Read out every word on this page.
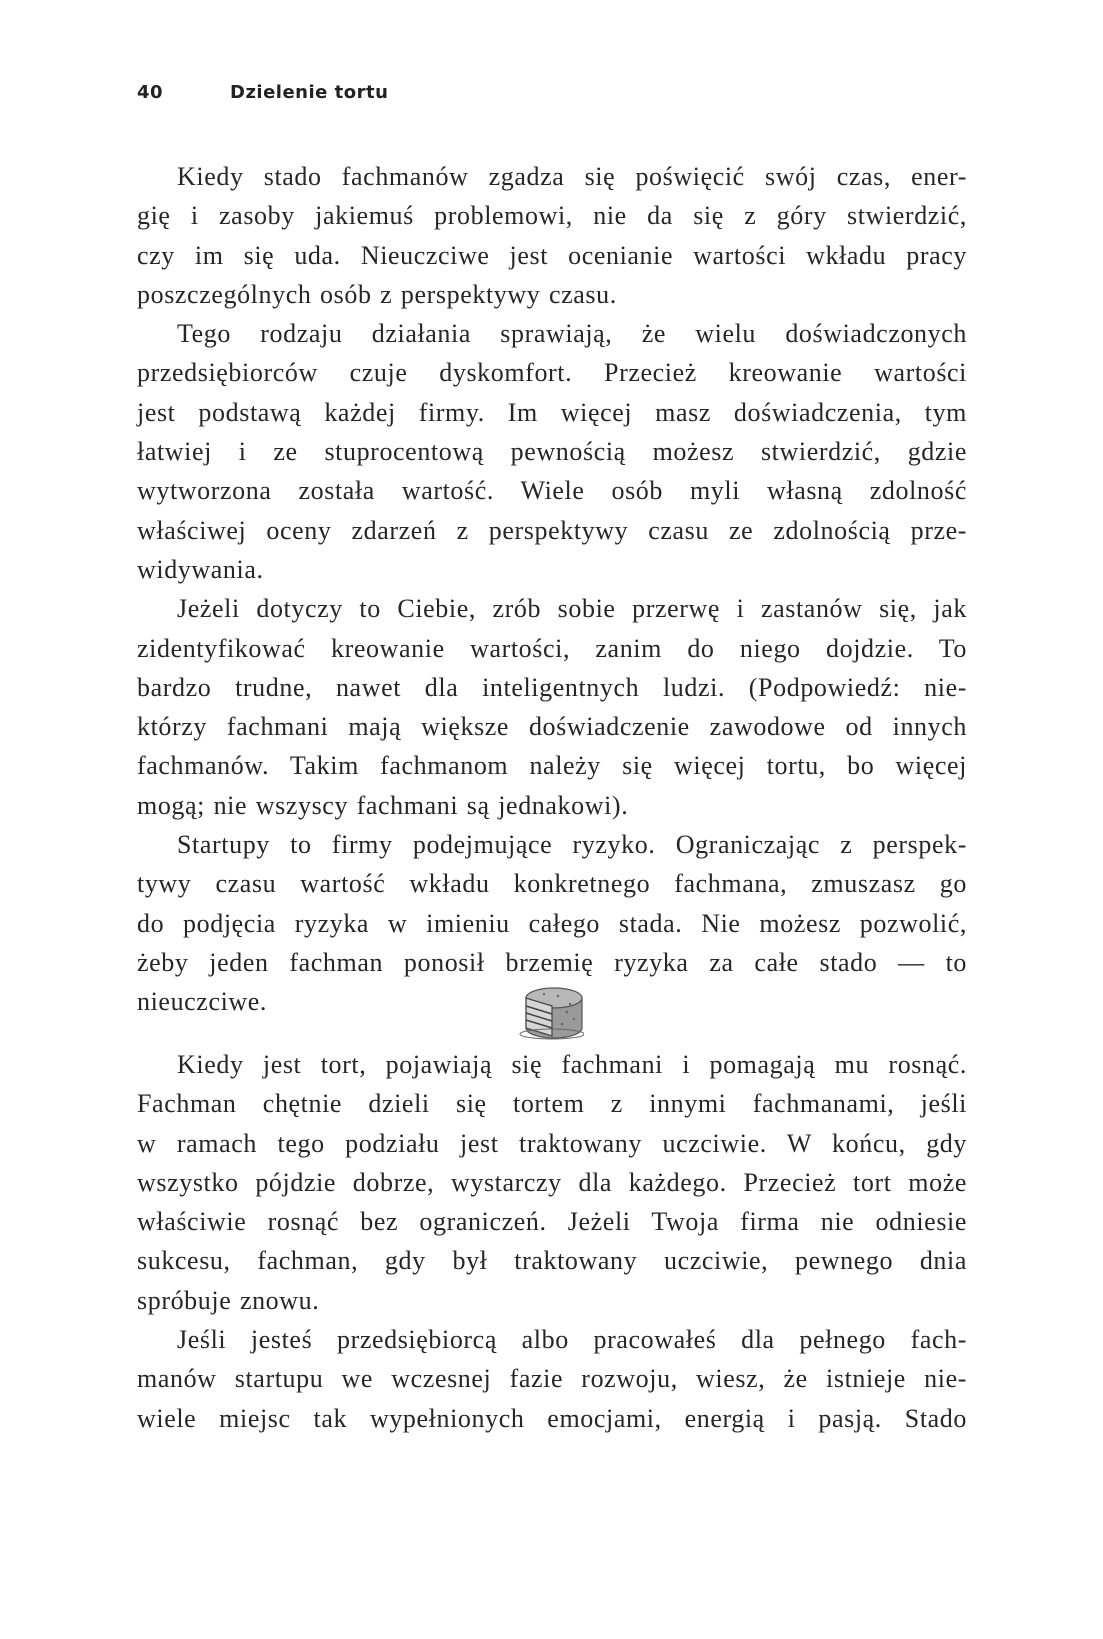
40	Dzielenie tortu
Kiedy stado fachmanów zgadza się poświęcić swój czas, ener-
gię i zasoby jakiemuś problemowi, nie da się z góry stwierdzić,
czy im się uda. Nieuczciwe jest ocenianie wartości wkładu pracy
poszczególnych osób z perspektywy czasu.
Tego rodzaju działania sprawiają, że wielu doświadczonych
przedsiębiorców czuje dyskomfort. Przecież kreowanie wartości
jest podstawą każdej firmy. Im więcej masz doświadczenia, tym
łatwiej i ze stuprocentową pewnością możesz stwierdzić, gdzie
wytworzona została wartość. Wiele osób myli własną zdolność
właściwej oceny zdarzeń z perspektywy czasu ze zdolnością prze-
widywania.
Jeżeli dotyczy to Ciebie, zrób sobie przerwę i zastanów się, jak
zidentyfikować kreowanie wartości, zanim do niego dojdzie. To
bardzo trudne, nawet dla inteligentnych ludzi. (Podpowiedź: nie-
którzy fachmani mają większe doświadczenie zawodowe od innych
fachmanów. Takim fachmanom należy się więcej tortu, bo więcej
mogą; nie wszyscy fachmani są jednakowi).
Startupy to firmy podejmujące ryzyko. Ograniczając z perspek-
tywy czasu wartość wkładu konkretnego fachmana, zmuszasz go
do podjęcia ryzyka w imieniu całego stada. Nie możesz pozwolić,
żeby jeden fachman ponosił brzemię ryzyka za całe stado — to
nieuczciwe.
Kiedy jest tort, pojawiają się fachmani i pomagają mu rosnąć.
Fachman chętnie dzieli się tortem z innymi fachmanami, jeśli
w ramach tego podziału jest traktowany uczciwie. W końcu, gdy
wszystko pójdzie dobrze, wystarczy dla każdego. Przecież tort może
właściwie rosnąć bez ograniczeń. Jeżeli Twoja firma nie odniesie
sukcesu, fachman, gdy był traktowany uczciwie, pewnego dnia
spróbuje znowu.
Jeśli jesteś przedsiębiorcą albo pracowałeś dla pełnego fach-
manów startupu we wczesnej fazie rozwoju, wiesz, że istnieje nie-
wiele miejsc tak wypełnionych emocjami, energią i pasją. Stado
